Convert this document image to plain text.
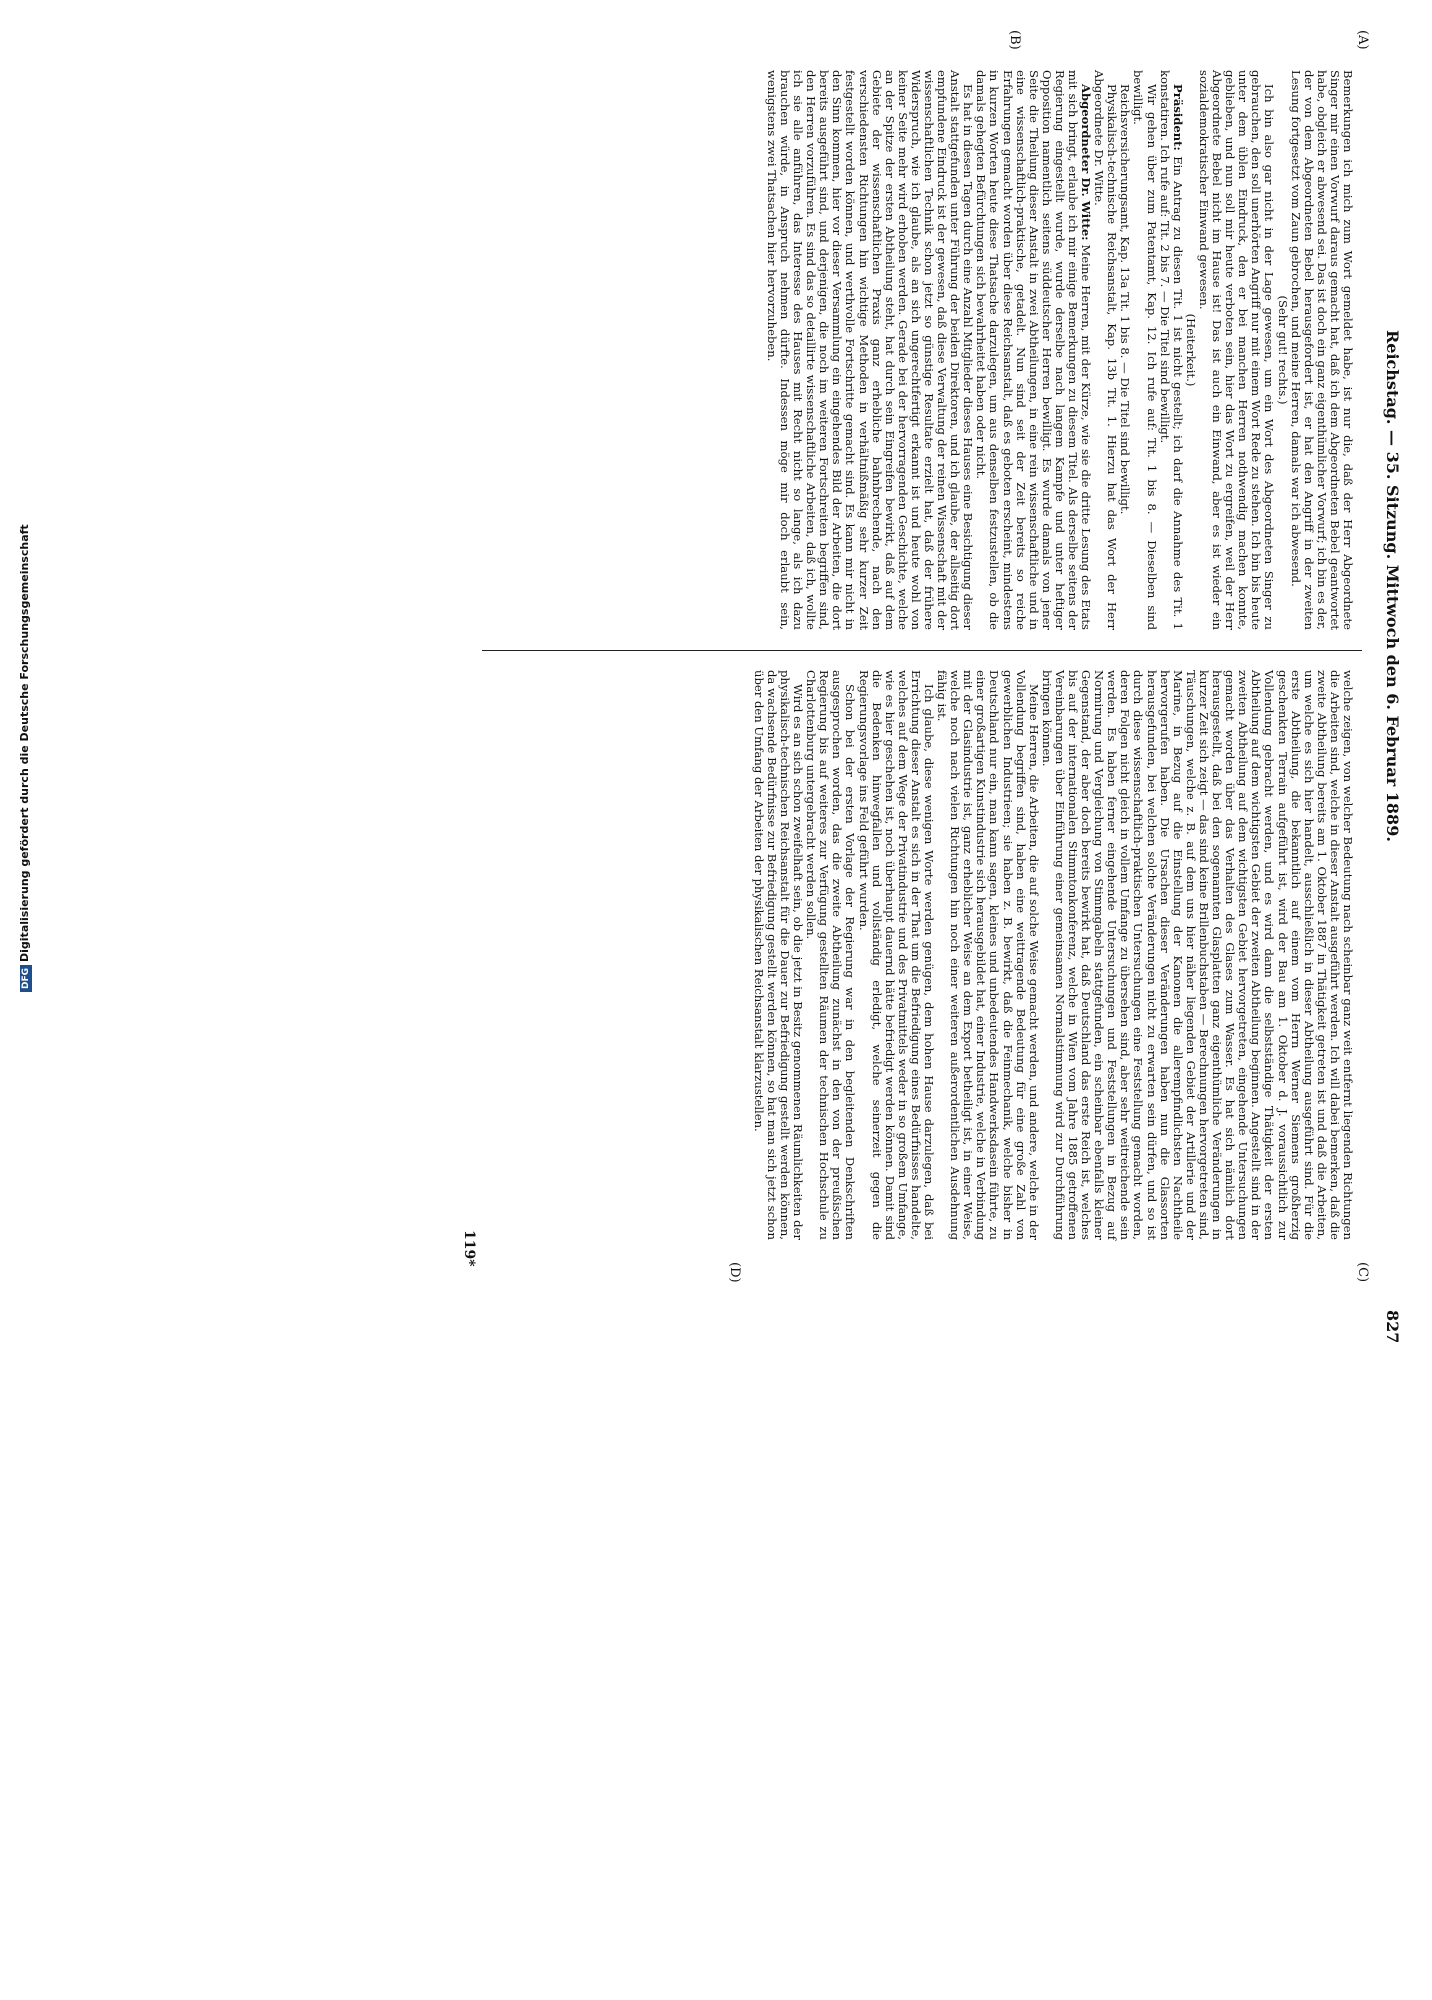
Reichstag. — 35. Sitzung. Mittwoch den 6. Februar 1889.
827
(A)
(B)
(C)
(D)

Bemerkungen ich mich zum Wort gemeldet habe, ist nur die, daß der Herr Abgeordnete Singer mir einen Vorwurf daraus gemacht hat, daß ich dem Abgeordneten Bebel geantwortet habe, obgleich er abwesend sei. Das ist doch ein ganz eigenthümlicher Vorwurf; ich bin es der, der von dem Abgeordneten Bebel herausgefordert ist, er hat den Angriff in der zweiten Lesung fortgesetzt vom Zaun gebrochen, und meine Herren, damals war ich abwesend.

(Sehr gut! rechts.)

Ich bin also gar nicht in der Lage gewesen, um ein Wort des Abgeordneten Singer zu gebrauchen, den soll unerhörten Angriff nur mit einem Wort Rede zu stehen. Ich bin bis heute unter dem üblen Eindruck, den er bei manchen Herren nothwendig machen konnte, geblieben, und nun soll mir heute verboten sein, hier das Wort zu ergreifen, weil der Herr Abgeordnete Bebel nicht im Hause ist! Das ist auch ein Einwand, aber es ist wieder ein sozialdemokratischer Einwand gewesen.

(Heiterkeit.)

Präsident: Ein Antrag zu diesen Tit. 1 ist nicht gestellt; ich darf die Annahme des Tit. 1 konstatiren. Ich rufe auf: Tit. 2 bis 7. — Die Titel sind bewilligt.

Wir gehen über zum Patentamt, Kap. 12. Ich rufe auf: Tit. 1 bis 8. — Dieselben sind bewilligt.

Reichsversicherungsamt, Kap. 13a Tit. 1 bis 8. — Die Titel sind bewilligt.

Physikalisch-technische Reichsanstalt, Kap. 13b Tit. 1. Hierzu hat das Wort der Herr Abgeordnete Dr. Witte.

Abgeordneter Dr. Witte: Meine Herren, mit der Kürze, wie sie die dritte Lesung des Etats mit sich bringt, erlaube ich mir einige Bemerkungen zu diesem Titel. Als derselbe seitens der Regierung eingestellt wurde, wurde derselbe nach langem Kampfe und unter heftiger Opposition namentlich seitens süddeutscher Herren bewilligt. Es wurde damals von jener Seite die Theilung dieser Anstalt in zwei Abtheilungen, in eine rein wissenschaftliche und in eine wissenschaftlich-praktische, getadelt. Nun sind seit der Zeit bereits so reiche Erfahrungen gemacht worden über diese Reichsanstalt, daß es geboten erscheint, mindestens in kurzen Worten heute diese Thatsache darzulegen, um aus denselben festzustellen, ob die damals gehegten Befürchtungen sich bewahrheitet haben oder nicht.

Es hat in diesen Tagen durch eine Anzahl Mitglieder dieses Hauses eine Besichtigung dieser Anstalt stattgefunden unter Führung der beiden Direktoren, und ich glaube, der allseitig dort empfundene Eindruck ist der gewesen, daß diese Verwaltung der reinen Wissenschaft mit der wissenschaftlichen Technik schon jetzt so günstige Resultate erzielt hat, daß der frühere Widerspruch, wie ich glaube, als an sich ungerechtfertigt erkannt ist und heute wohl von keiner Seite mehr wird erhoben werden. Gerade bei der hervorragenden Geschichte, welche an der Spitze der ersten Abtheilung steht, hat durch sein Eingreifen bewirkt, daß auf dem Gebiete der wissenschaftlichen Praxis ganz erhebliche bahnbrechende, nach den verschiedensten Richtungen hin wichtige Methoden in verhältnißmäßig sehr kurzer Zeit festgestellt worden können, und werthvolle Fortschritte gemacht sind. Es kann mir nicht in den Sinn kommen, hier vor dieser Versammlung ein eingehendes Bild der Arbeiten, die dort bereits ausgeführt sind, und derjenigen, die noch im weiteren Fortschreiten begriffen sind, den Herren vorzuführen. Es sind das so detaillirte wissenschaftliche Arbeiten, daß ich, wollte ich sie alle anführen, das Interesse des Hauses mit Recht nicht so lange, als ich dazu brauchen würde, in Anspruch nehmen dürfte. Indessen möge mir doch erlaubt sein, wenigstens zwei Thatsachen hier hervorzuheben.

welche zeigen, von welcher Bedeutung nach scheinbar ganz weit entfernt liegenden Richtungen die Arbeiten sind, welche in dieser Anstalt ausgeführt werden. Ich will dabei bemerken, daß die zweite Abtheilung bereits am 1. Oktober 1887 in Thätigkeit getreten ist und daß die Arbeiten, um welche es sich hier handelt, ausschließlich in dieser Abtheilung ausgeführt sind. Für die erste Abtheilung, die bekanntlich auf einem vom Herrn Werner Siemens großherzig geschenkten Terrain aufgeführt ist, wird der Bau am 1. Oktober d. J. voraussichtlich zur Vollendung gebracht werden, und es wird dann die selbstständige Thätigkeit der ersten Abtheilung auf dem wichtigsten Gebiet der zweiten Abtheilung beginnen. Angestellt sind in der zweiten Abtheilung auf dem wichtigsten Gebiet hervorgetreten, eingehende Untersuchungen gemacht worden über das Verhalten des Glases zum Wasser. Es hat sich nämlich dort herausgestellt, daß bei den sogenannten Glasplatten ganz eigenthümliche Veränderungen in kurzer Zeit sich zeigt — das sind keine Brillenbuchstaben — Berechnungen hervorgetreten sind, Täuschungen, welche z. B. auf dem uns hier näher liegenden Gebiet der Artillerie und der Marine, in Bezug auf die Einstellung der Kanonen die allerempfindlichsten Nachtheile hervorgerufen haben. Die Ursachen dieser Veränderungen haben nun die Glassorten herausgefunden, bei welchen solche Veränderungen nicht zu erwarten sein dürfen, und so ist durch diese wissenschaftlich-praktischen Untersuchungen eine Feststellung gemacht worden, deren Folgen nicht gleich in vollem Umfange zu übersehen sind, aber sehr weitreichende sein werden. Es haben ferner eingehende Untersuchungen und Feststellungen in Bezug auf Normirung und Vergleichung von Stimmgabeln stattgefunden, ein scheinbar ebenfalls kleiner Gegenstand, der aber doch bereits bewirkt hat, daß Deutschland das erste Reich ist, welches bis auf der internationalen Stimmtonkonferenz, welche in Wien vom Jahre 1885 getroffenen Vereinbarungen über Einführung einer gemeinsamen Normalstimmung wird zur Durchführung bringen können.

Meine Herren, die Arbeiten, die auf solche Weise gemacht werden, und andere, welche in der Vollendung begriffen sind, haben eine weittragende Bedeutung für eine große Zahl von gewerblichen Industrieen; sie haben z. B. bewirkt, daß die Feinmechanik, welche bisher in Deutschland nur ein, man kann sagen, kleines und unbedeutendes Handwerksdasein führte, zu einer großartigen Kunstindustrie sich herausgebildet hat, einer Industrie, welche in Verbindung mit der Glasindustrie ist, ganz erheblicher Weise an dem Export betheiligt ist, in einer Weise, welche noch nach vielen Richtungen hin noch einer weiteren außerordentlichen Ausdehnung fähig ist.

Ich glaube, diese wenigen Worte werden genügen, dem hohen Hause darzulegen, daß bei Errichtung dieser Anstalt es sich in der That um die Befriedigung eines Bedürfnisses handelte, welches auf dem Wege der Privatindustrie und des Privatmittels weder in so großem Umfange, wie es hier geschehen ist, noch überhaupt dauernd hätte befriedigt werden können. Damit sind die Bedenken hinwegfallen und vollständig erledigt, welche seinerzeit gegen die Regierungsvorlage ins Feld geführt wurden.

Schon bei der ersten Vorlage der Regierung war in den begleitenden Denkschriften ausgesprochen worden, das die zweite Abtheilung zunächst in den von der preußischen Regierung bis auf weiteres zur Verfügung gestellten Räumen der technischen Hochschule zu Charlottenburg untergebracht werden sollen.

Wird es an sich schon zweifelhaft sein, ob die jetzt in Besitz genommenen Räumlichkeiten der physikalisch-technischen Reichsanstalt für die Dauer zur Befriedigung gestellt werden können, da wachsende Bedürfnisse zur Befriedigung gestellt werden können, so hat man sich jetzt schon über den Umfang der Arbeiten der physikalischen Reichsanstalt klarzustellen.

119*
DFGDigitalisierung gefördert durch die Deutsche Forschungsgemeinschaft
